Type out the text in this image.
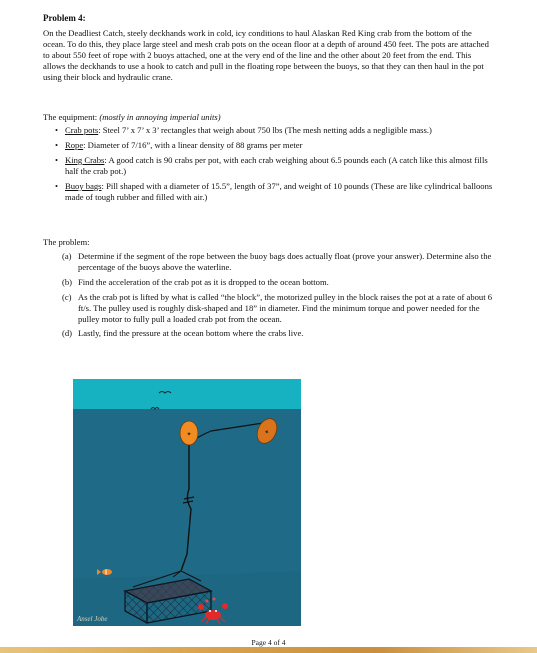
Problem 4:

On the Deadliest Catch, steely deckhands work in cold, icy conditions to haul Alaskan Red King crab from the bottom of the ocean. To do this, they place large steel and mesh crab pots on the ocean floor at a depth of around 450 feet. The pots are attached to about 550 feet of rope with 2 buoys attached, one at the very end of the line and the other about 20 feet from the end. This allows the deckhands to use a hook to catch and pull in the floating rope between the buoys, so that they can then haul in the pot using their block and hydraulic crane.

The equipment: (mostly in annoying imperial units)
• Crab pots: Steel 7’ x 7’ x 3’ rectangles that weigh about 750 lbs (The mesh netting adds a negligible mass.)
• Rope: Diameter of 7/16”, with a linear density of 88 grams per meter
• King Crabs: A good catch is 90 crabs per pot, with each crab weighing about 6.5 pounds each (A catch like this almost fills half the crab pot.)
• Buoy bags: Pill shaped with a diameter of 15.5”, length of 37”, and weight of 10 pounds (These are like cylindrical balloons made of tough rubber and filled with air.)
The problem:
(a) Determine if the segment of the rope between the buoy bags does actually float (prove your answer). Determine also the percentage of the buoys above the waterline.
(b) Find the acceleration of the crab pot as it is dropped to the ocean bottom.
(c) As the crab pot is lifted by what is called “the block”, the motorized pulley in the block raises the pot at a rate of about 6 ft/s. The pulley used is roughly disk-shaped and 18” in diameter. Find the minimum torque and power needed for the pulley motor to fully pull a loaded crab pot from the ocean.
(d) Lastly, find the pressure at the ocean bottom where the crabs live.
✦	✦
Ansel Jobe
Page 4 of 4
